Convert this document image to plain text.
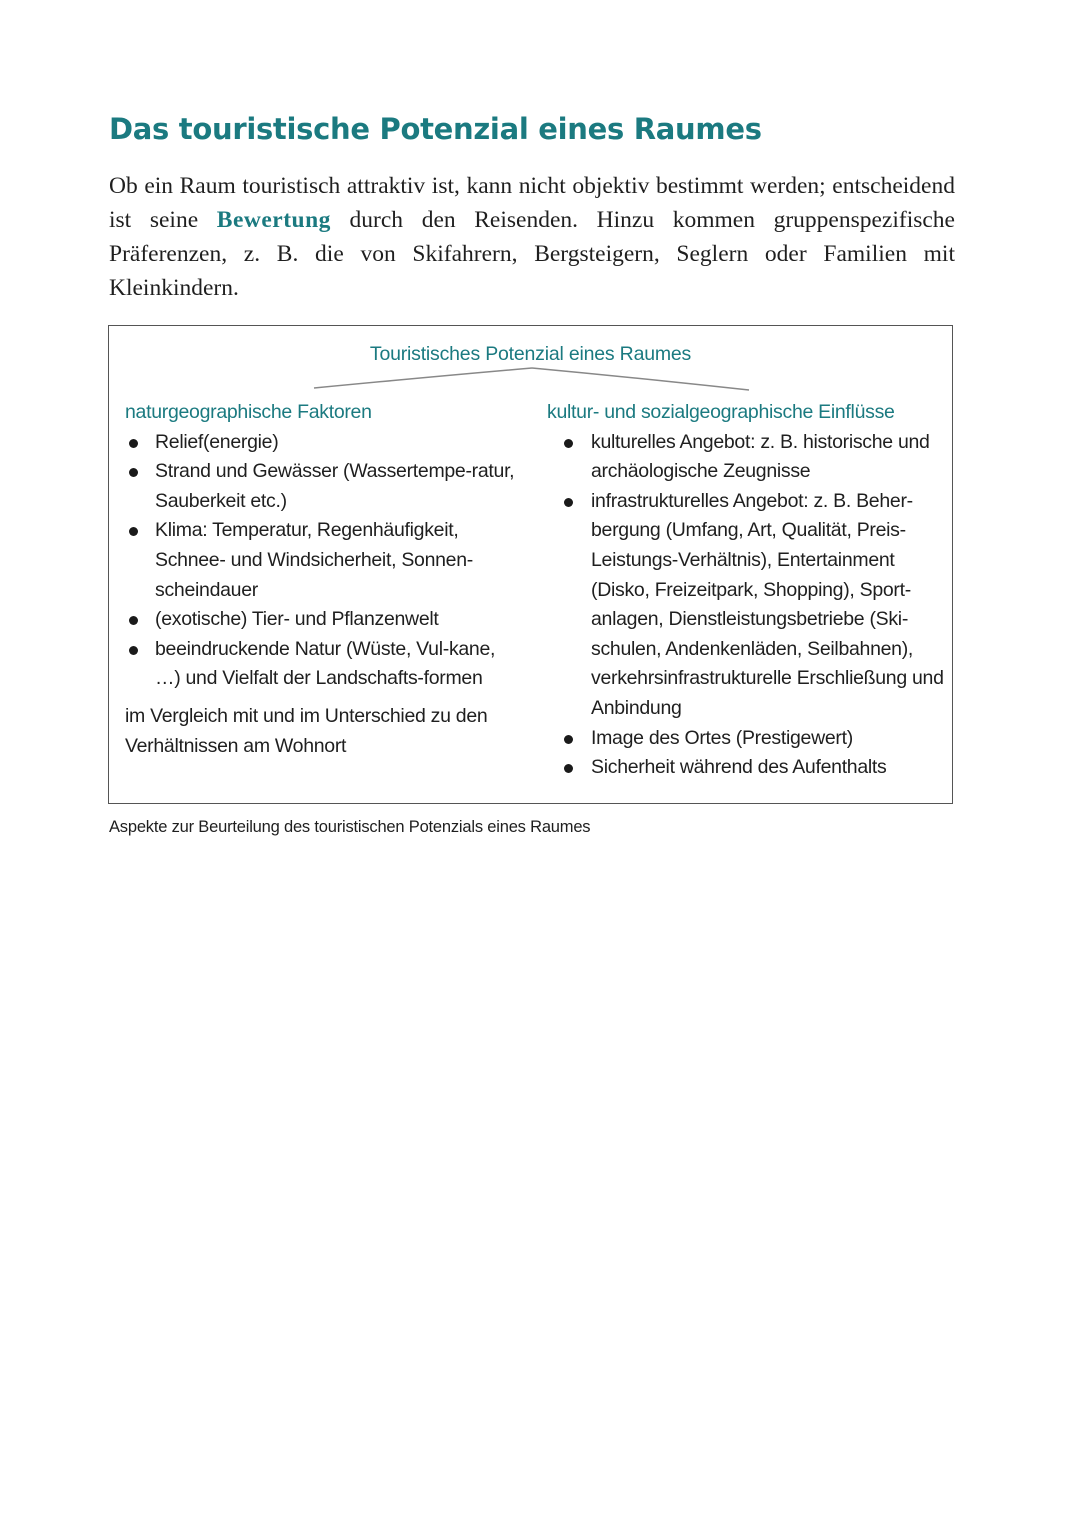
Das touristische Potenzial eines Raumes

Ob ein Raum touristisch attraktiv ist, kann nicht objektiv bestimmt werden; entscheidend ist seine Bewertung durch den Reisenden. Hinzu kommen gruppenspezifische Präferenzen, z. B. die von Skifahrern, Bergsteigern, Seglern oder Familien mit Kleinkindern.

Touristisches Potenzial eines Raumes
naturgeographische Faktoren
Relief(energie)
Strand und Gewässer (Wassertempe-ratur, Sauberkeit etc.)
Klima: Temperatur, Regenhäufigkeit, Schnee- und Windsicherheit, Sonnen-scheindauer
(exotische) Tier- und Pflanzenwelt
beeindruckende Natur (Wüste, Vul-kane, …) und Vielfalt der Landschafts-formen
im Vergleich mit und im Unterschied zu den Verhältnissen am Wohnort
kultur- und sozialgeographische Einflüsse
kulturelles Angebot: z. B. historische und archäologische Zeugnisse
infrastrukturelles Angebot: z. B. Beher-bergung (Umfang, Art, Qualität, Preis-Leistungs-Verhältnis), Entertainment (Disko, Freizeitpark, Shopping), Sport-anlagen, Dienstleistungsbetriebe (Ski-schulen, Andenkenläden, Seilbahnen), verkehrsinfrastrukturelle Erschließung und Anbindung
Image des Ortes (Prestigewert)
Sicherheit während des Aufenthalts
Aspekte zur Beurteilung des touristischen Potenzials eines Raumes
